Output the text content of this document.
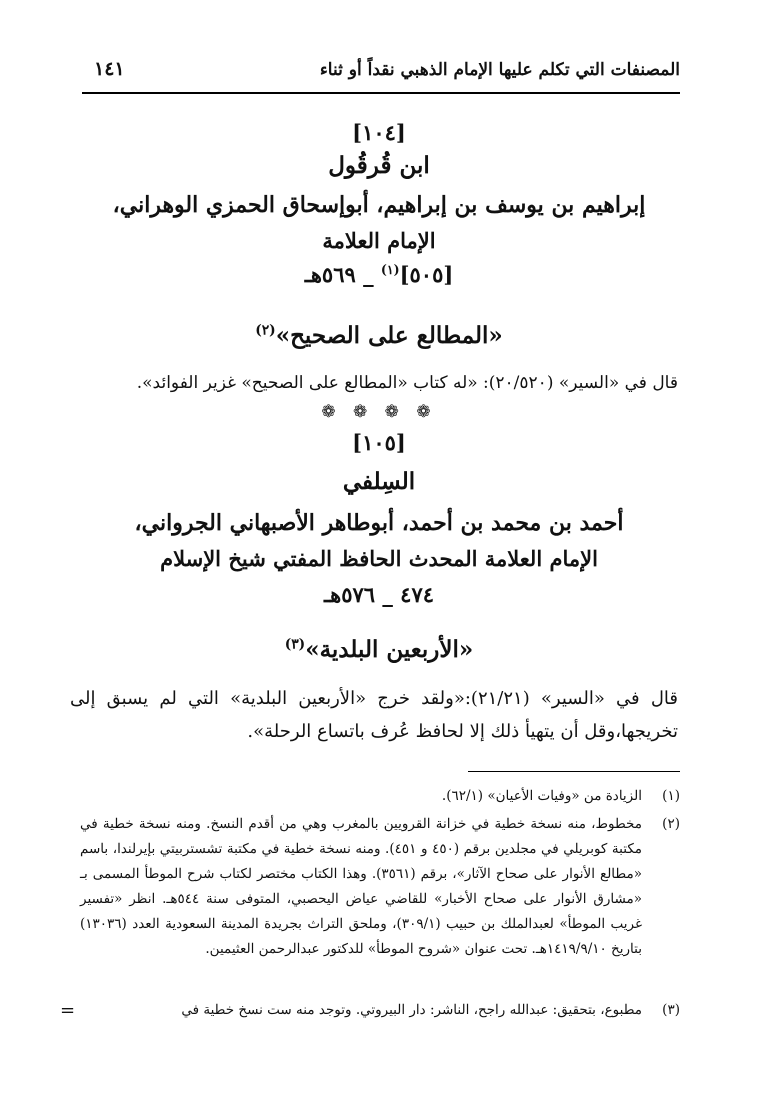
المصنفات التي تكلم عليها الإمام الذهبي نقداً أو ثناء
١٤١
[١٠٤]
ابن قُرقُول
إبراهيم بن يوسف بن إبراهيم، أبوإسحاق الحمزي الوهراني،
الإمام العلامة
[٥٠٥]$^{(١)}$ _ ٥٦٩هـ
«المطالع على الصحيح»$^{(٢)}$
قال في «السير» (٢٠/٥٢٠): «له كتاب «المطالع على الصحيح» غزير الفوائد».
❁ ❁ ❁ ❁
[١٠٥]
السِلفي
أحمد بن محمد بن أحمد، أبوطاهر الأصبهاني الجرواني،
الإمام العلامة المحدث الحافظ المفتي شيخ الإسلام
٤٧٤ _ ٥٧٦هـ
«الأربعين البلدية»$^{(٣)}$
قال في «السير» (٢١/٢١):«ولقد خرج «الأربعين البلدية» التي لم يسبق إلى تخريجها،وقل أن يتهيأ ذلك إلا لحافظ عُرف باتساع الرحلة».
(١)
الزيادة من «وفيات الأعيان» (٦٢/١).
(٢)
مخطوط، منه نسخة خطية في خزانة القرويين بالمغرب وهي من أقدم النسخ. ومنه نسخة خطية في مكتبة كوبريلي في مجلدين برقم (٤٥٠ و ٤٥١). ومنه نسخة خطية في مكتبة تشستربيتي بإيرلندا، باسم «مطالع الأنوار على صحاح الآثار»، برقم (٣٥٦١). وهذا الكتاب مختصر لكتاب شرح الموطأ المسمى بـ «مشارق الأنوار على صحاح الأخبار» للقاضي عياض اليحصبي، المتوفى سنة ٥٤٤هـ. انظر «تفسير غريب الموطأ» لعبدالملك بن حبيب (٣٠٩/١)، وملحق التراث بجريدة المدينة السعودية العدد (١٣٠٣٦) بتاريخ ١٤١٩/٩/١٠هـ. تحت عنوان «شروح الموطأ» للدكتور عبدالرحمن العثيمين.
(٣)
مطبوع، بتحقيق: عبدالله راجح، الناشر: دار البيروتي. وتوجد منه ست نسخ خطية في
=
